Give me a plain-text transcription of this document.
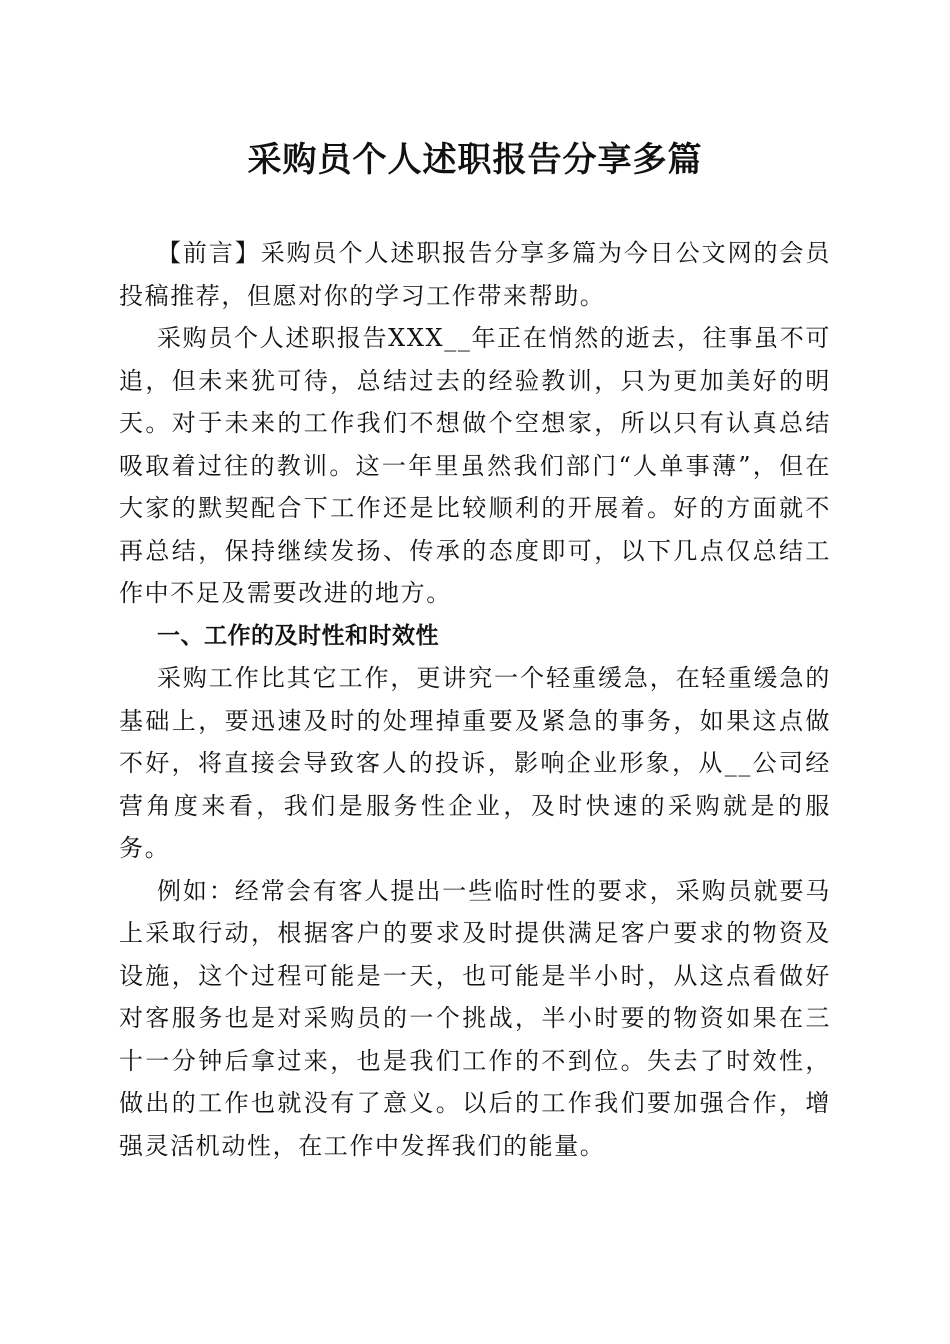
采购员个人述职报告分享多篇

【前言】采购员个人述职报告分享多篇为今日公文网的会员投稿推荐，但愿对你的学习工作带来帮助。

采购员个人述职报告XXX__年正在悄然的逝去，往事虽不可追，但未来犹可待，总结过去的经验教训，只为更加美好的明天。对于未来的工作我们不想做个空想家，所以只有认真总结吸取着过往的教训。这一年里虽然我们部门“人单事薄”，但在大家的默契配合下工作还是比较顺利的开展着。好的方面就不再总结，保持继续发扬、传承的态度即可，以下几点仅总结工作中不足及需要改进的地方。

一、工作的及时性和时效性

采购工作比其它工作，更讲究一个轻重缓急，在轻重缓急的基础上，要迅速及时的处理掉重要及紧急的事务，如果这点做不好，将直接会导致客人的投诉，影响企业形象，从__公司经营角度来看，我们是服务性企业，及时快速的采购就是的服务。

例如：经常会有客人提出一些临时性的要求，采购员就要马上采取行动，根据客户的要求及时提供满足客户要求的物资及设施，这个过程可能是一天，也可能是半小时，从这点看做好对客服务也是对采购员的一个挑战，半小时要的物资如果在三十一分钟后拿过来，也是我们工作的不到位。失去了时效性，做出的工作也就没有了意义。以后的工作我们要加强合作，增强灵活机动性，在工作中发挥我们的能量。
